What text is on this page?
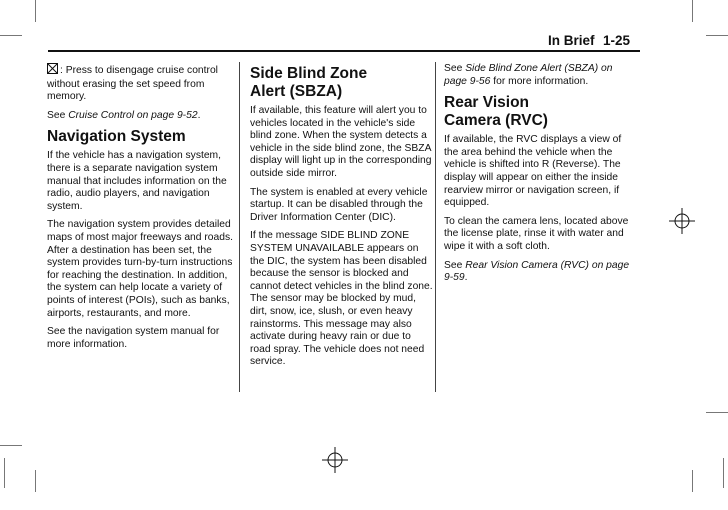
In Brief 1-25

: Press to disengage cruise control without erasing the set speed from memory.

See Cruise Control on page 9-52.

Navigation System

If the vehicle has a navigation system, there is a separate navigation system manual that includes information on the radio, audio players, and navigation system.

The navigation system provides detailed maps of most major freeways and roads. After a destination has been set, the system provides turn-by-turn instructions for reaching the destination. In addition, the system can help locate a variety of points of interest (POIs), such as banks, airports, restaurants, and more.

See the navigation system manual for more information.

Side Blind Zone
Alert (SBZA)

If available, this feature will alert you to vehicles located in the vehicle's side blind zone. When the system detects a vehicle in the side blind zone, the SBZA display will light up in the corresponding outside side mirror.

The system is enabled at every vehicle startup. It can be disabled through the Driver Information Center (DIC).

If the message SIDE BLIND ZONE SYSTEM UNAVAILABLE appears on the DIC, the system has been disabled because the sensor is blocked and cannot detect vehicles in the blind zone. The sensor may be blocked by mud, dirt, snow, ice, slush, or even heavy rainstorms. This message may also activate during heavy rain or due to road spray. The vehicle does not need service.

See Side Blind Zone Alert (SBZA) on page 9-56 for more information.

Rear Vision
Camera (RVC)

If available, the RVC displays a view of the area behind the vehicle when the vehicle is shifted into R (Reverse). The display will appear on either the inside rearview mirror or navigation screen, if equipped.

To clean the camera lens, located above the license plate, rinse it with water and wipe it with a soft cloth.

See Rear Vision Camera (RVC) on page 9-59.
